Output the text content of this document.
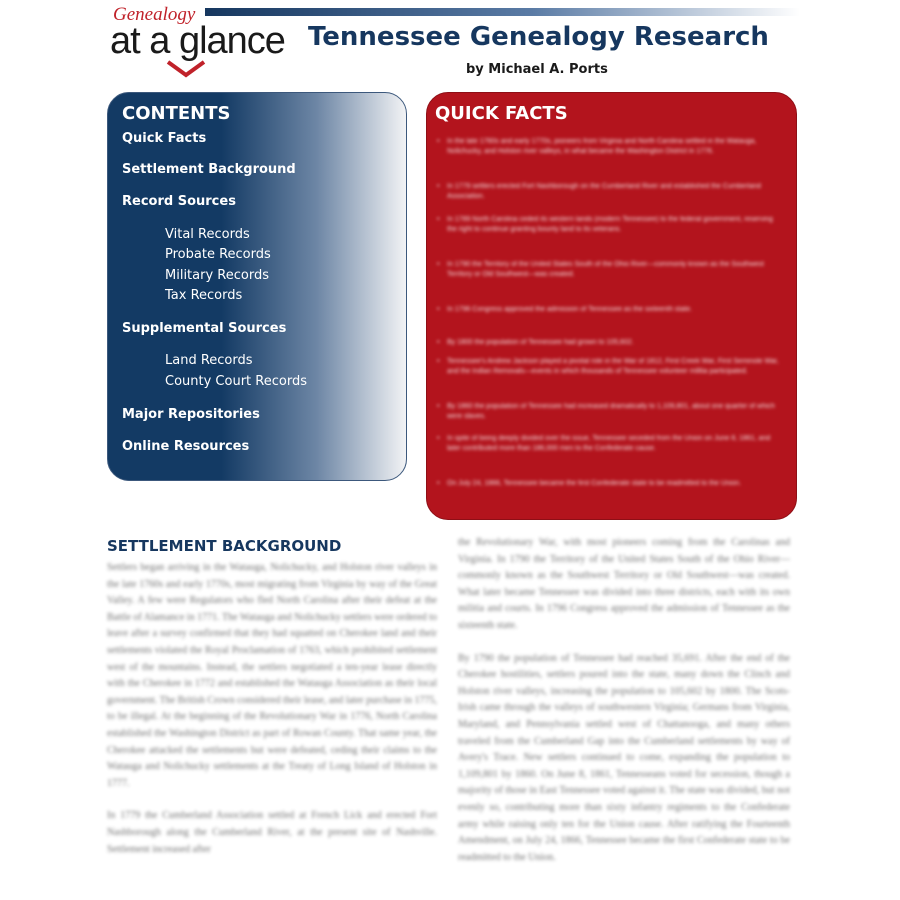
Genealogy
at a glance Tennessee Genealogy Research
by Michael A. Ports
CONTENTS
Quick Facts
Settlement Background
Record Sources
Vital Records
Probate Records
Military Records
Tax Records
Supplemental Sources
Land Records
County Court Records
Major Repositories
Online Resources
QUICK FACTS
• In the late 1760s and early 1770s, pioneers from Virginia and North Carolina settled in the Watauga, Nolichucky, and Holston river valleys, in what became the Washington District in 1776.
• In 1779 settlers erected Fort Nashborough on the Cumberland River and established the Cumberland Association.
• In 1789 North Carolina ceded its western lands (modern Tennessee) to the federal government, reserving the right to continue granting bounty land to its veterans.
• In 1790 the Territory of the United States South of the Ohio River—commonly known as the Southwest Territory or Old Southwest—was created.
• In 1796 Congress approved the admission of Tennessee as the sixteenth state.
• By 1800 the population of Tennessee had grown to 105,602.
• Tennessee's Andrew Jackson played a pivotal role in the War of 1812, First Creek War, First Seminole War, and the Indian Removals—events in which thousands of Tennessee volunteer militia participated.
• By 1860 the population of Tennessee had increased dramatically to 1,109,801, about one quarter of which were slaves.
• In spite of being deeply divided over the issue, Tennessee seceded from the Union on June 8, 1861, and later contributed more than 186,000 men to the Confederate cause.
• On July 24, 1866, Tennessee became the first Confederate state to be readmitted to the Union.
SETTLEMENT BACKGROUND

Settlers began arriving in the Watauga, Nolichucky, and Holston river valleys in the late 1760s and early 1770s, most migrating from Virginia by way of the Great Valley. A few were Regulators who fled North Carolina after their defeat at the Battle of Alamance in 1771. The Watauga and Nolichucky settlers were ordered to leave after a survey confirmed that they had squatted on Cherokee land and their settlements violated the Royal Proclamation of 1763, which prohibited settlement west of the mountains. Instead, the settlers negotiated a ten-year lease directly with the Cherokee in 1772 and established the Watauga Association as their local government. The British Crown considered their lease, and later purchase in 1775, to be illegal. At the beginning of the Revolutionary War in 1776, North Carolina established the Washington District as part of Rowan County. That same year, the Cherokee attacked the settlements but were defeated, ceding their claims to the Watauga and Nolichucky settlements at the Treaty of Long Island of Holston in 1777.

In 1779 the Cumberland Association settled at French Lick and erected Fort Nashborough along the Cumberland River, at the present site of Nashville. Settlement increased after

the Revolutionary War, with most pioneers coming from the Carolinas and Virginia. In 1790 the Territory of the United States South of the Ohio River—commonly known as the Southwest Territory or Old Southwest—was created. What later became Tennessee was divided into three districts, each with its own militia and courts. In 1796 Congress approved the admission of Tennessee as the sixteenth state.

By 1790 the population of Tennessee had reached 35,691. After the end of the Cherokee hostilities, settlers poured into the state, many down the Clinch and Holston river valleys, increasing the population to 105,602 by 1800. The Scots-Irish came through the valleys of southwestern Virginia; Germans from Virginia, Maryland, and Pennsylvania settled west of Chattanooga, and many others traveled from the Cumberland Gap into the Cumberland settlements by way of Avery's Trace. New settlers continued to come, expanding the population to 1,109,801 by 1860. On June 8, 1861, Tennesseans voted for secession, though a majority of those in East Tennessee voted against it. The state was divided, but not evenly so, contributing more than sixty infantry regiments to the Confederate army while raising only ten for the Union cause. After ratifying the Fourteenth Amendment, on July 24, 1866, Tennessee became the first Confederate state to be readmitted to the Union.
